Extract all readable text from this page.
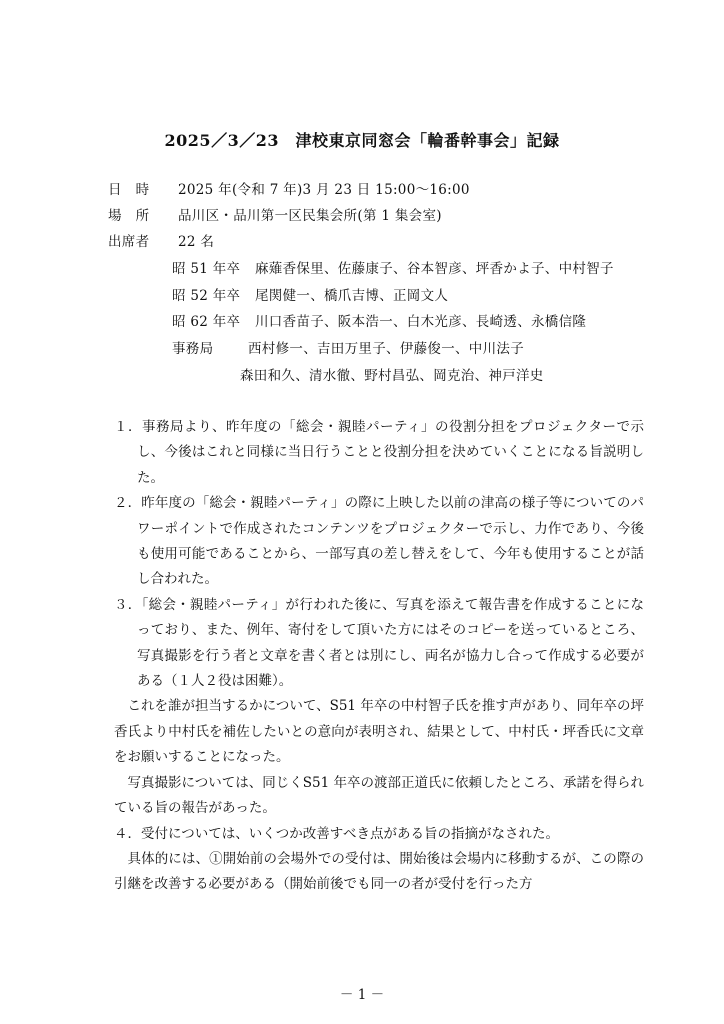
2025／3／23　津校東京同窓会「輪番幹事会」記録
日　時 2025 年(令和 7 年)3 月 23 日 15:00～16:00
場　所 品川区・品川第一区民集会所(第 1 集会室)
出席者 22 名
昭 51 年卒 麻薙香保里、佐藤康子、谷本智彦、坪香かよ子、中村智子
昭 52 年卒 尾関健一、橋爪吉博、正岡文人
昭 62 年卒 川口香苗子、阪本浩一、白木光彦、長崎透、永橋信隆
事務局	西村修一、吉田万里子、伊藤俊一、中川法子
森田和久、清水徹、野村昌弘、岡克治、神戸洋史

１．事務局より、昨年度の「総会・親睦パーティ」の役割分担をプロジェクターで示し、今後はこれと同様に当日行うことと役割分担を決めていくことになる旨説明した。

２．昨年度の「総会・親睦パーティ」の際に上映した以前の津高の様子等についてのパワーポイントで作成されたコンテンツをプロジェクターで示し、力作であり、今後も使用可能であることから、一部写真の差し替えをして、今年も使用することが話し合われた。

３．「総会・親睦パーティ」が行われた後に、写真を添えて報告書を作成することになっており、また、例年、寄付をして頂いた方にはそのコピーを送っているところ、写真撮影を行う者と文章を書く者とは別にし、両名が協力し合って作成する必要がある（１人２役は困難）。

これを誰が担当するかについて、S51 年卒の中村智子氏を推す声があり、同年卒の坪香氏より中村氏を補佐したいとの意向が表明され、結果として、中村氏・坪香氏に文章をお願いすることになった。

写真撮影については、同じくS51 年卒の渡部正道氏に依頼したところ、承諾を得られている旨の報告があった。

４．受付については、いくつか改善すべき点がある旨の指摘がなされた。

具体的には、①開始前の会場外での受付は、開始後は会場内に移動するが、この際の引継を改善する必要がある（開始前後でも同一の者が受付を行った方

－ 1 －
